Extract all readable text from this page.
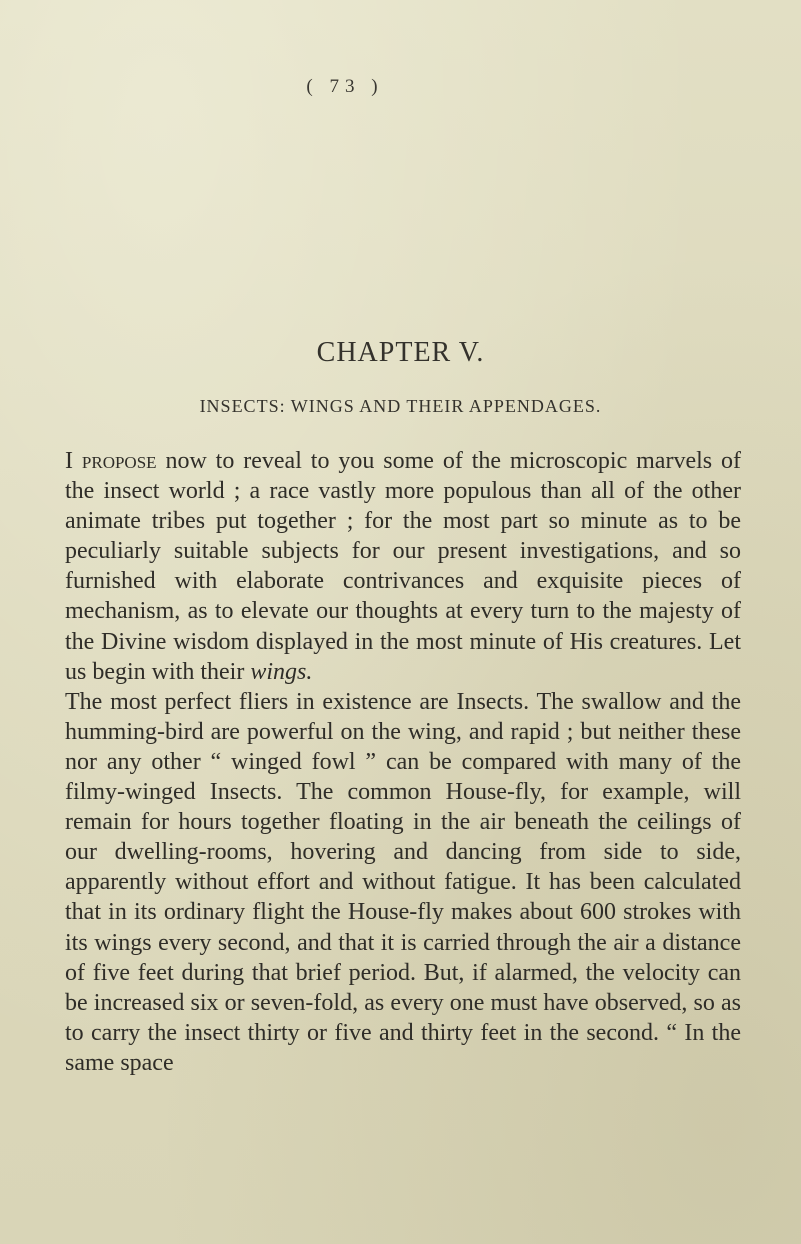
( 73 )
CHAPTER V.
INSECTS: WINGS AND THEIR APPENDAGES.

I propose now to reveal to you some of the microscopic marvels of the insect world ; a race vastly more populous than all of the other animate tribes put together ; for the most part so minute as to be peculiarly suitable subjects for our present investigations, and so furnished with elaborate contrivances and exquisite pieces of mechanism, as to elevate our thoughts at every turn to the majesty of the Divine wisdom displayed in the most minute of His creatures. Let us begin with their wings.

The most perfect fliers in existence are Insects. The swallow and the humming-bird are powerful on the wing, and rapid ; but neither these nor any other “ winged fowl ” can be compared with many of the filmy-winged Insects. The common House-fly, for example, will remain for hours together floating in the air beneath the ceilings of our dwelling-rooms, hovering and dancing from side to side, apparently without effort and without fatigue. It has been calculated that in its ordinary flight the House-fly makes about 600 strokes with its wings every second, and that it is carried through the air a distance of five feet during that brief period. But, if alarmed, the velocity can be increased six or seven-fold, as every one must have observed, so as to carry the insect thirty or five and thirty feet in the second. “ In the same space
